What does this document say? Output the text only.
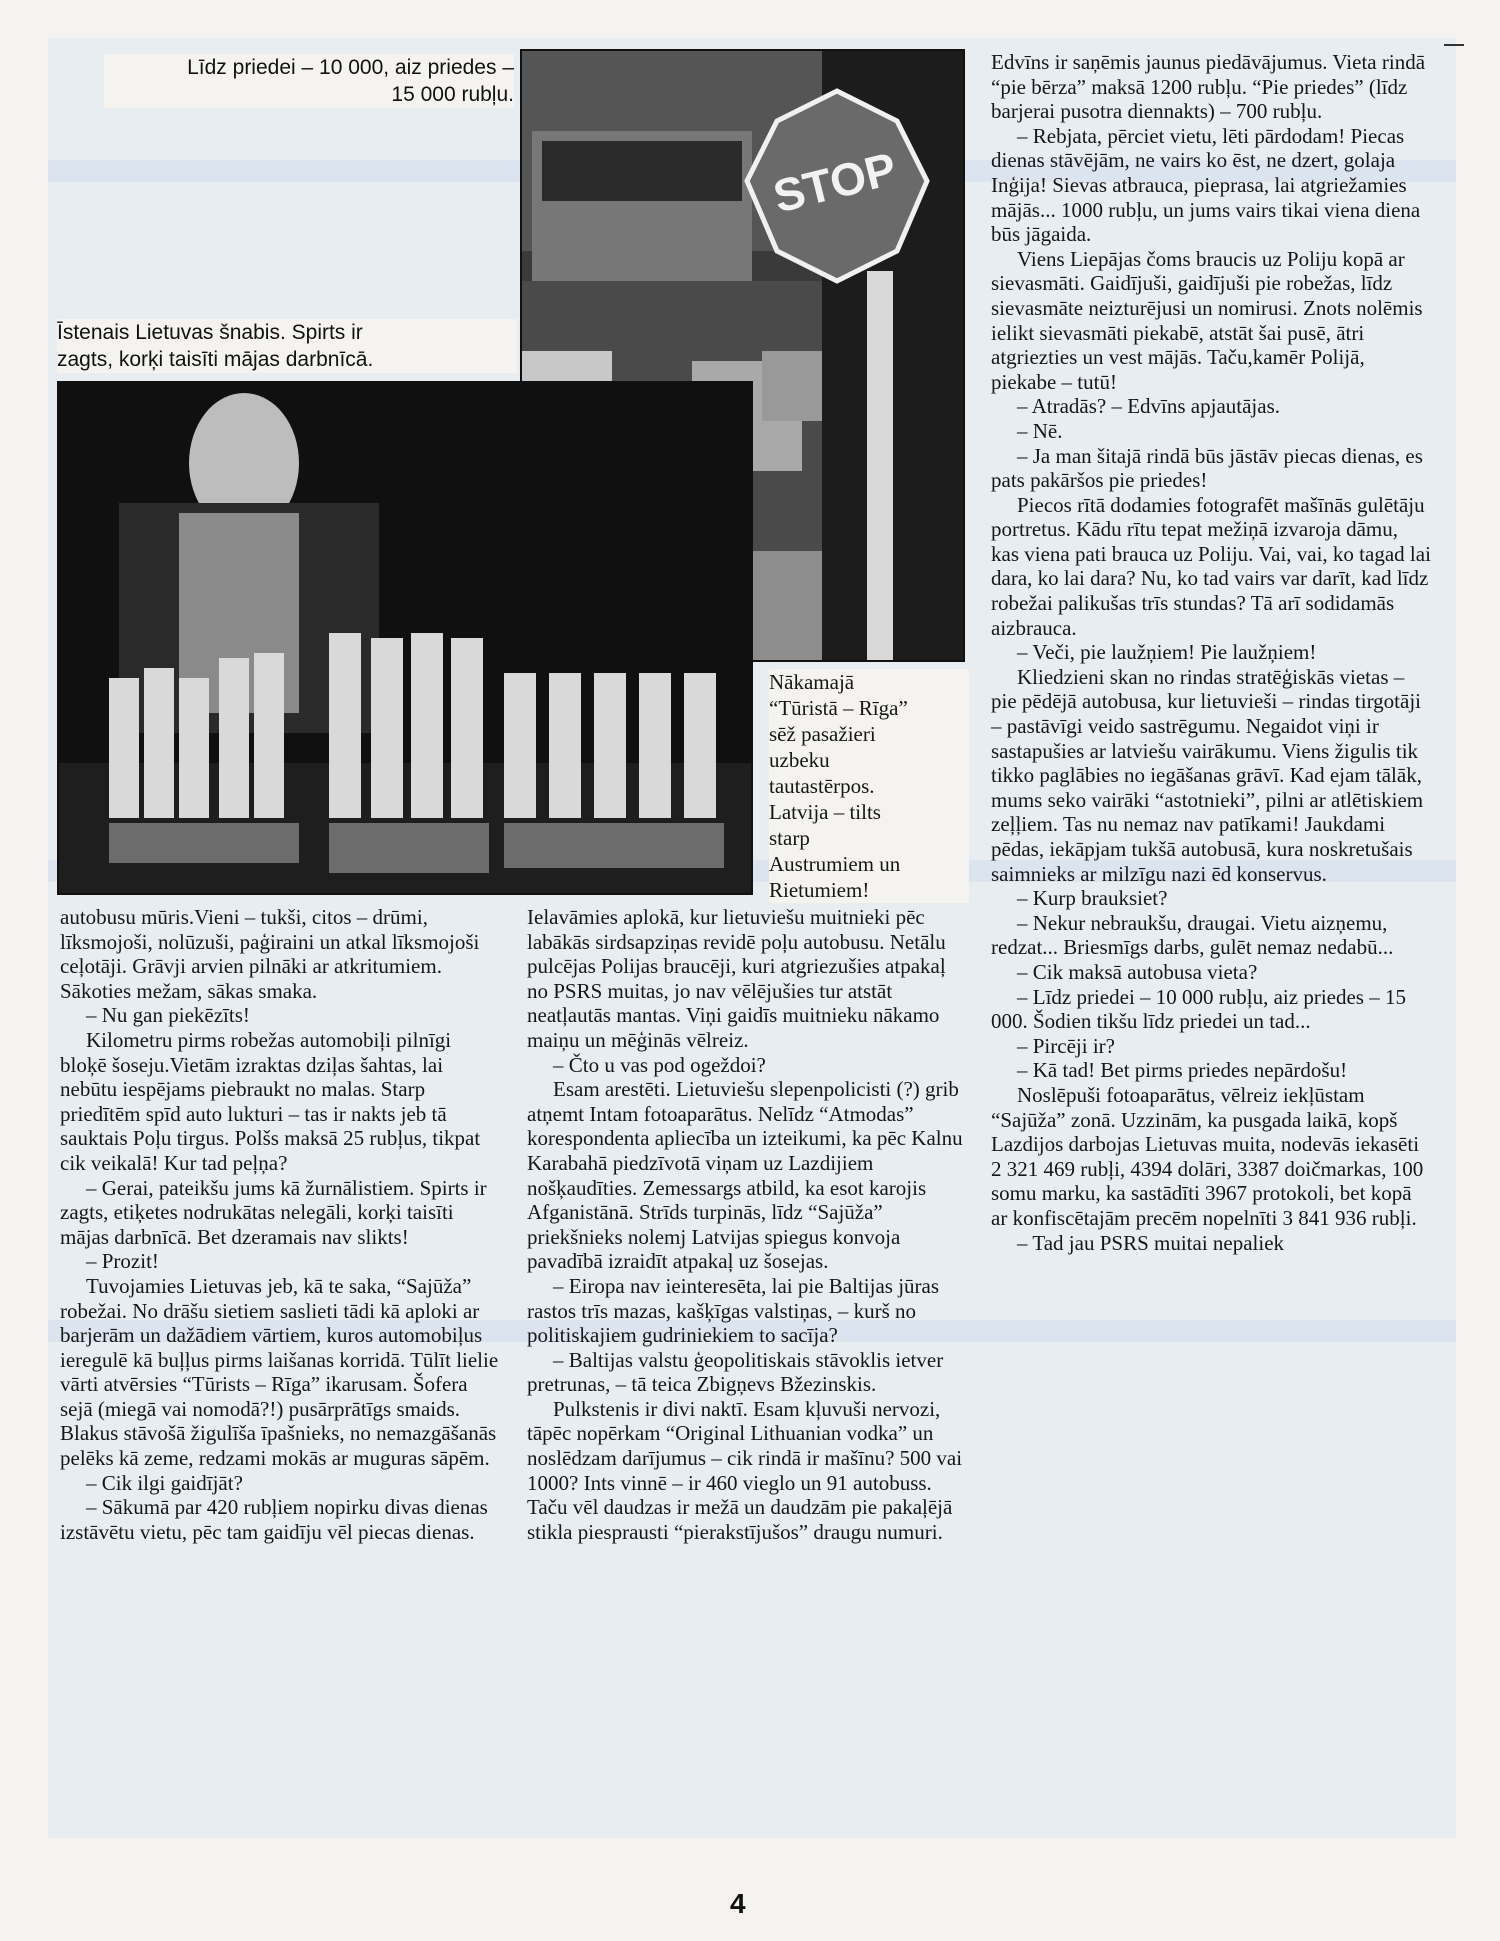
Līdz priedei – 10 000, aiz priedes –

15 000 rubļu.

Īstenais Lietuvas šnabis. Spirts ir

zagts, korķi taisīti mājas darbnīcā.

STOP

Nākamajā

“Tūristā – Rīga”

sēž pasažieri

uzbeku

tautastērpos.

Latvija – tilts

starp

Austrumiem un

Rietumiem!

autobusu mūris.Vieni – tukši, citos – drūmi, līksmojoši, nolūzuši, paģiraini un atkal līksmojoši ceļotāji. Grāvji arvien pilnāki ar atkritumiem. Sākoties mežam, sākas smaka.

– Nu gan piekēzīts!

Kilometru pirms robežas automobiļi pilnīgi bloķē šoseju.Vietām izraktas dziļas šahtas, lai nebūtu iespējams piebraukt no malas. Starp priedītēm spīd auto lukturi – tas ir nakts jeb tā sauktais Poļu tirgus. Polšs maksā 25 rubļus, tikpat cik veikalā! Kur tad peļņa?

– Gerai, pateikšu jums kā žurnālistiem. Spirts ir zagts, etiķetes nodrukātas nelegāli, korķi taisīti mājas darbnīcā. Bet dzeramais nav slikts!

– Prozit!

Tuvojamies Lietuvas jeb, kā te saka, “Sajūža” robežai. No drāšu sietiem saslieti tādi kā aploki ar barjerām un dažādiem vārtiem, kuros automobiļus ieregulē kā buļļus pirms laišanas korridā. Tūlīt lielie vārti atvērsies “Tūrists – Rīga” ikarusam. Šofera sejā (miegā vai nomodā?!) pusārprātīgs smaids. Blakus stāvošā žigulīša īpašnieks, no nemazgāšanās pelēks kā zeme, redzami mokās ar muguras sāpēm.

– Cik ilgi gaidījāt?

– Sākumā par 420 rubļiem nopirku divas dienas izstāvētu vietu, pēc tam gaidīju vēl piecas dienas.

Ielavāmies aplokā, kur lietuviešu muitnieki pēc labākās sirdsapziņas revidē poļu autobusu. Netālu pulcējas Polijas braucēji, kuri atgriezušies atpakaļ no PSRS muitas, jo nav vēlējušies tur atstāt neatļautās mantas. Viņi gaidīs muitnieku nākamo maiņu un mēģinās vēlreiz.

– Čto u vas pod ogeždoi?

Esam arestēti. Lietuviešu slepenpolicisti (?) grib atņemt Intam fotoaparātus. Nelīdz “Atmodas” korespondenta apliecība un izteikumi, ka pēc Kalnu Karabahā piedzīvotā viņam uz Lazdijiem nošķaudīties. Zemessargs atbild, ka esot karojis Afganistānā. Strīds turpinās, līdz “Sajūža” priekšnieks nolemj Latvijas spiegus konvoja pavadībā izraidīt atpakaļ uz šosejas.

– Eiropa nav ieinteresēta, lai pie Baltijas jūras rastos trīs mazas, kašķīgas valstiņas, – kurš no politiskajiem gudriniekiem to sacīja?

– Baltijas valstu ģeopolitiskais stāvoklis ietver pretrunas, – tā teica Zbigņevs Bžezinskis.

Pulkstenis ir divi naktī. Esam kļuvuši nervozi, tāpēc nopērkam “Original Lithuanian vodka” un noslēdzam darījumus – cik rindā ir mašīnu? 500 vai 1000? Ints vinnē – ir 460 vieglo un 91 autobuss. Taču vēl daudzas ir mežā un daudzām pie pakaļējā stikla piesprausti “pierakstījušos” draugu numuri.

Edvīns ir saņēmis jaunus piedāvājumus. Vieta rindā “pie bērza” maksā 1200 rubļu. “Pie priedes” (līdz barjerai pusotra diennakts) – 700 rubļu.

– Rebjata, pērciet vietu, lēti pārdodam! Piecas dienas stāvējām, ne vairs ko ēst, ne dzert, golaja Inģija! Sievas atbrauca, pieprasa, lai atgriežamies mājās... 1000 rubļu, un jums vairs tikai viena diena būs jāgaida.

Viens Liepājas čoms braucis uz Poliju kopā ar sievasmāti. Gaidījuši, gaidījuši pie robežas, līdz sievasmāte neizturējusi un nomirusi. Znots nolēmis ielikt sievasmāti piekabē, atstāt šai pusē, ātri atgriezties un vest mājās. Taču,kamēr Polijā, piekabe – tutū!

– Atradās? – Edvīns apjautājas.

– Nē.

– Ja man šitajā rindā būs jāstāv piecas dienas, es pats pakāršos pie priedes!

Piecos rītā dodamies fotografēt mašīnās gulētāju portretus. Kādu rītu tepat mežiņā izvaroja dāmu, kas viena pati brauca uz Poliju. Vai, vai, ko tagad lai dara, ko lai dara? Nu, ko tad vairs var darīt, kad līdz robežai palikušas trīs stundas? Tā arī sodidamās aizbrauca.

– Veči, pie laužņiem! Pie laužņiem!

Kliedzieni skan no rindas stratēģiskās vietas – pie pēdējā autobusa, kur lietuvieši – rindas tirgotāji – pastāvīgi veido sastrēgumu. Negaidot viņi ir sastapušies ar latviešu vairākumu. Viens žigulis tik tikko paglābies no iegāšanas grāvī. Kad ejam tālāk, mums seko vairāki “astotnieki”, pilni ar atlētiskiem zeļļiem. Tas nu nemaz nav patīkami! Jaukdami pēdas, iekāpjam tukšā autobusā, kura noskretušais saimnieks ar milzīgu nazi ēd konservus.

– Kurp brauksiet?

– Nekur nebraukšu, draugai. Vietu aizņemu, redzat... Briesmīgs darbs, gulēt nemaz nedabū...

– Cik maksā autobusa vieta?

– Līdz priedei – 10 000 rubļu, aiz priedes – 15 000. Šodien tikšu līdz priedei un tad...

– Pircēji ir?

– Kā tad! Bet pirms priedes nepārdošu!

Noslēpuši fotoaparātus, vēlreiz iekļūstam “Sajūža” zonā. Uzzinām, ka pusgada laikā, kopš Lazdijos darbojas Lietuvas muita, nodevās iekasēti 2 321 469 rubļi, 4394 dolāri, 3387 doičmarkas, 100 somu marku, ka sastādīti 3967 protokoli, bet kopā ar konfiscētajām precēm nopelnīti 3 841 936 rubļi.

– Tad jau PSRS muitai nepaliek

4
